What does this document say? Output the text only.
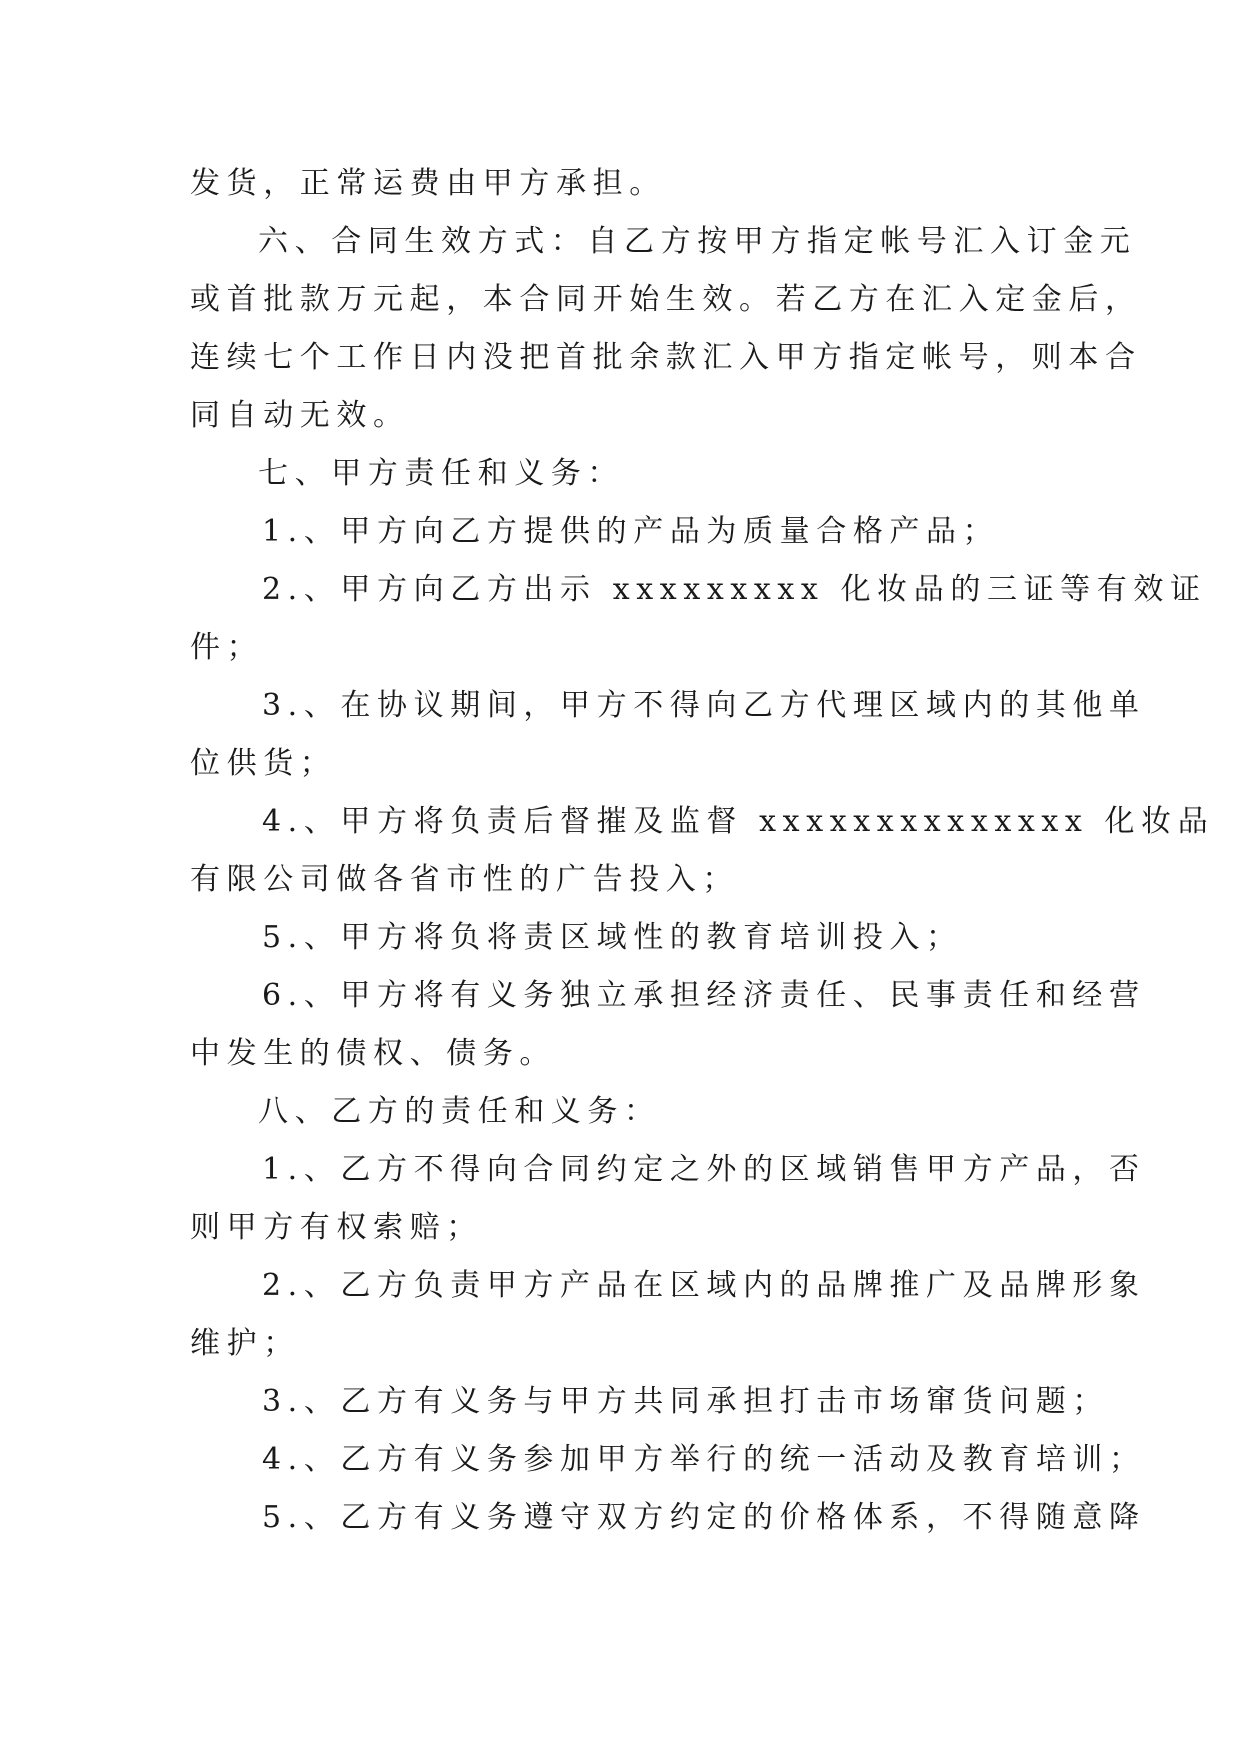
发货，正常运费由甲方承担。
六、合同生效方式：自乙方按甲方指定帐号汇入订金元
或首批款万元起，本合同开始生效。若乙方在汇入定金后，
连续七个工作日内没把首批余款汇入甲方指定帐号，则本合
同自动无效。
七、甲方责任和义务：
1.、甲方向乙方提供的产品为质量合格产品；
2.、甲方向乙方出示 xxxxxxxxx 化妆品的三证等有效证
件；
3.、在协议期间，甲方不得向乙方代理区域内的其他单
位供货；
4.、甲方将负责后督摧及监督 xxxxxxxxxxxxxx 化妆品
有限公司做各省市性的广告投入；
5.、甲方将负将责区域性的教育培训投入；
6.、甲方将有义务独立承担经济责任、民事责任和经营
中发生的债权、债务。
八、乙方的责任和义务：
1.、乙方不得向合同约定之外的区域销售甲方产品，否
则甲方有权索赔；
2.、乙方负责甲方产品在区域内的品牌推广及品牌形象
维护；
3.、乙方有义务与甲方共同承担打击市场窜货问题；
4.、乙方有义务参加甲方举行的统一活动及教育培训；
5.、乙方有义务遵守双方约定的价格体系，不得随意降
